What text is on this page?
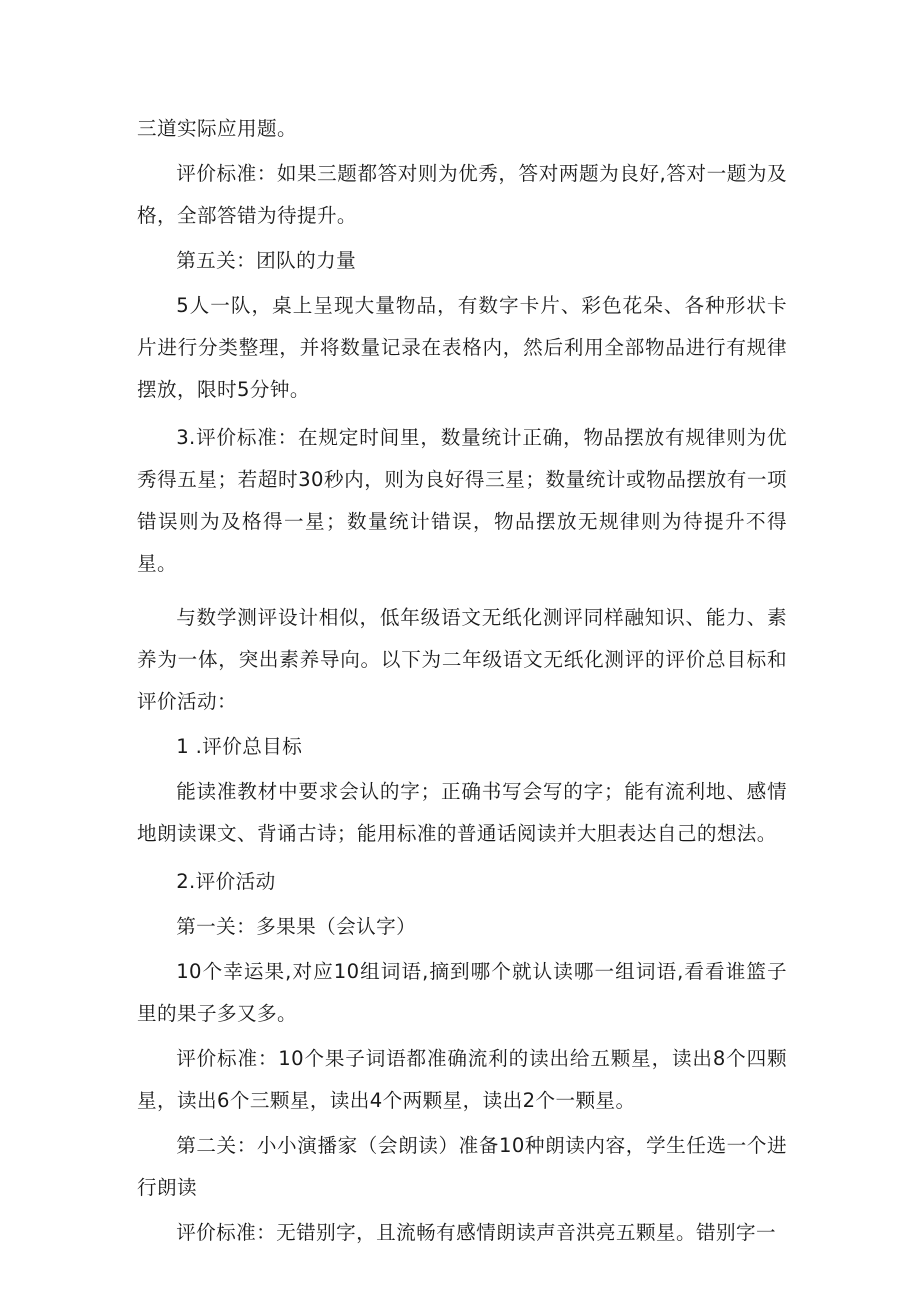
三道实际应用题。

评价标准：如果三题都答对则为优秀，答对两题为良好,答对一题为及格，全部答错为待提升。

第五关：团队的力量

5人一队，桌上呈现大量物品，有数字卡片、彩色花朵、各种形状卡片进行分类整理，并将数量记录在表格内，然后利用全部物品进行有规律摆放，限时5分钟。

3.评价标准：在规定时间里，数量统计正确，物品摆放有规律则为优秀得五星；若超时30秒内，则为良好得三星；数量统计或物品摆放有一项错误则为及格得一星；数量统计错误，物品摆放无规律则为待提升不得星。

与数学测评设计相似，低年级语文无纸化测评同样融知识、能力、素养为一体，突出素养导向。以下为二年级语文无纸化测评的评价总目标和评价活动：

1 .评价总目标

能读准教材中要求会认的字；正确书写会写的字；能有流利地、感情地朗读课文、背诵古诗；能用标准的普通话阅读并大胆表达自己的想法。

2.评价活动

第一关：多果果（会认字）

10个幸运果,对应10组词语,摘到哪个就认读哪一组词语,看看谁篮子里的果子多又多。

评价标准：10个果子词语都准确流利的读出给五颗星，读出8个四颗星，读出6个三颗星，读出4个两颗星，读出2个一颗星。

第二关：小小演播家（会朗读）准备10种朗读内容，学生任选一个进行朗读

评价标准：无错别字，且流畅有感情朗读声音洪亮五颗星。错别字一
